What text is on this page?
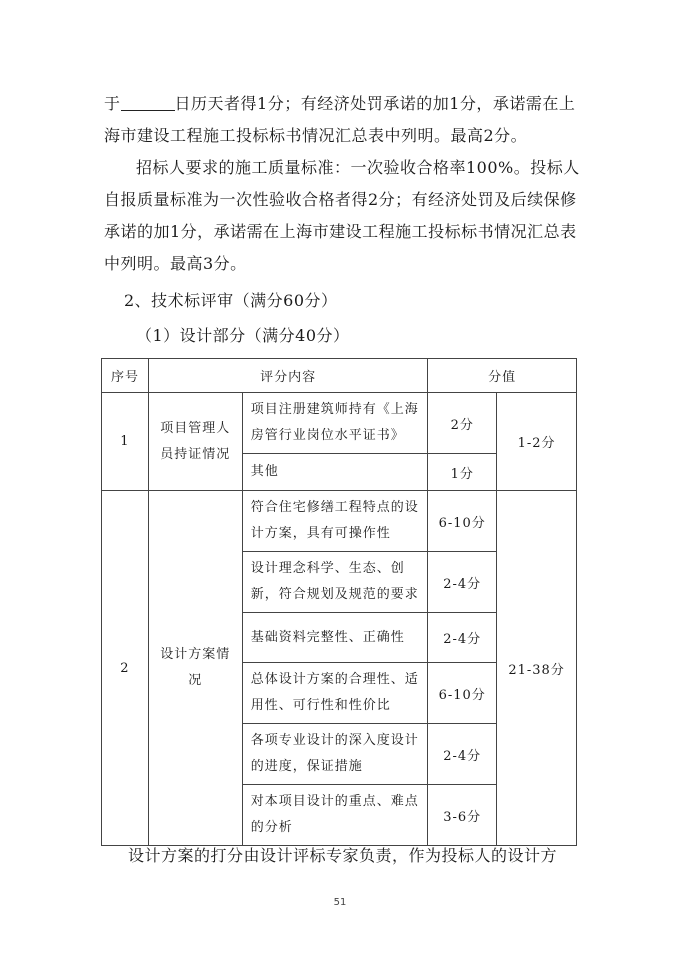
于	日历天者得1分；有经济处罚承诺的加1分，承诺需在上海市建设工程施工投标标书情况汇总表中列明。最高2分。
招标人要求的施工质量标准：一次验收合格率100%。投标人自报质量标准为一次性验收合格者得2分；有经济处罚及后续保修承诺的加1分，承诺需在上海市建设工程施工投标标书情况汇总表中列明。最高3分。
2、技术标评审（满分60分）
（1）设计部分（满分40分）
序号	评分内容		分值	
1	项目管理人员持证情况	项目注册建筑师持有《上海房管行业岗位水平证书》	2分	1-2分
		其他	1分	
2	设计方案情况	符合住宅修缮工程特点的设计方案，具有可操作性	6-10分	21-38分
		设计理念科学、生态、创新，符合规划及规范的要求	2-4分	
		基础资料完整性、正确性	2-4分	
		总体设计方案的合理性、适用性、可行性和性价比	6-10分	
		各项专业设计的深入度设计的进度，保证措施	2-4分	
		对本项目设计的重点、难点的分析	3-6分	
设计方案的打分由设计评标专家负责，作为投标人的设计方
51
